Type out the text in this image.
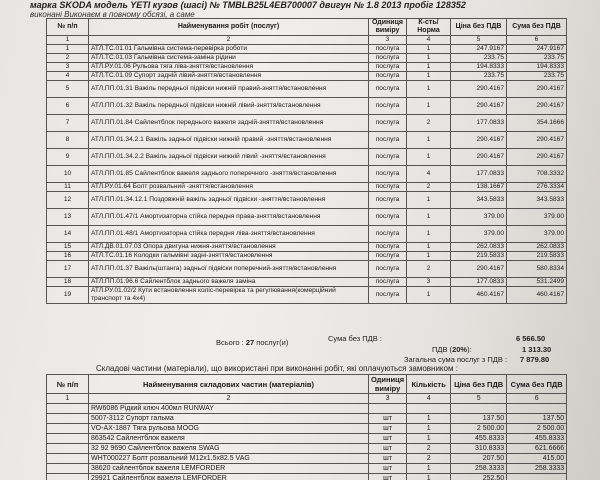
марка SKODA модель YETI кузов (шасі) № TMBLB25L4EB700007 двигун № 1.8 2013 пробіг 128352
виконані Виконаєм в повному обсязі, а саме
№ п/п	Найменування робіт (послуг)	Одиниця виміру	К-сть/Норма	Ціна без ПДВ	Сума без ПДВ
1	2	3	4	5	6
1	АТЛ.ТС.01.01 Гальмівна система-перевірка роботи	послуга	1	247.9167	247.9167
2	АТЛ.ТС.01.03 Гальмівна система-заміна рідини	послуга	1	233.75	233.75
3	АТЛ.РУ.01.06 Рульова тяга ліва-зняття/встановлення	послуга	1	194.8333	194.8333
4	АТЛ.ТС.01.09 Супорт задній лівий-зняття/встановлення	послуга	1	233.75	233.75
5	АТЛ.ПП.01.31 Важіль передньої підвіски нижній правий-зняття/встановлення	послуга	1	290.4167	290.4167
6	АТЛ.ПП.01.32 Важіль передньої підвіски нижній лівий-зняття/встановлення	послуга	1	290.4167	290.4167
7	АТЛ.ПП.01.84 Сайлентблок переднього важеля задній-зняття/встановлення	послуга	2	177.0833	354.1666
8	АТЛ.ПП.01.34.2.1 Важіль задньої підвіски нижній правий -зняття/встановлення	послуга	1	290.4167	290.4167
9	АТЛ.ПП.01.34.2.2 Важіль задньої підвіски нижній лівий -зняття/встановлення	послуга	1	290.4167	290.4167
10	АТЛ.ПП.01.85 Сайлентблок важеля заднього поперечного -зняття/встановлення	послуга	4	177.0833	708.3332
11	АТЛ.РУ.01.64 Болт розвальний -зняття/встановлення	послуга	2	138.1667	276.3334
12	АТЛ.ПП.01.34.12.1 Поздовжній важіль задньої підвіски -зняття/встановлення	послуга	1	343.5833	343.5833
13	АТЛ.ПП.01.47/1 Амортизаторна стійка передня права-зняття/встановлення	послуга	1	379.00	379.00
14	АТЛ.ПП.01.48/1 Амортизаторна стійка передня ліва-зняття/встановлення	послуга	1	379.00	379.00
15	АТЛ.ДВ.01.07.03 Опора двигуна нижня-зняття/встановлення	послуга	1	262.0833	262.0833
16	АТЛ.ТС.01.16 Колодки гальмівні задні-зняття/встановлення	послуга	1	219.5833	219.5833
17	АТЛ.ПП.01.37 Важіль(штанга) задньої підвіски поперечний-зняття/встановлення	послуга	2	290.4167	580.8334
18	АТЛ.ПП.01.96.6 Сайлентблок заднього важеля заміна	послуга	3	177.0833	531.2499
19	АТЛ.РУ.01.02/2 Кути встановлення коліс-перевірка та регулювання(комерційний транспорт та 4х4)	послуга	1	460.4167	460.4167
Сума без ПДВ :	6 566.50
Всього : 27 послуг(и)
ПДВ (20%):	1 313.30
Загальна сума послуг з ПДВ : 7 879.80
Складові частини (матеріали), що використані при виконанні робіт, які оплачуються замовником :
№ п/п	Найменування складових частин (матеріалів)	Одиниця виміру	Кількість	Ціна без ПДВ	Сума без ПДВ
1	2	3	4	5	6
	RW6086 Рідкий ключ 400мл RUNWAY				
	5007-3112 Супорт гальма	шт	1	137.50	137.50
	VO-AX-1887 Тяга рульова MOOG	шт	1	2 500.00	2 500.00
	863542 Сайлентблок важеля	шт	1	455.8333	455.8333
	32 92 9690 Сайлентблок важеля SWAG	шт	2	310.8333	621.6666
	WHT000227 Болт розвальний M12x1.5x82.5 VAG	шт	2	207.50	415.00
	38620 сайлентблок важеля LEMFORDER	шт	1	258.3333	258.3333
	29921 Сайлентблок важеля LEMFORDER	шт	1	252.50	
